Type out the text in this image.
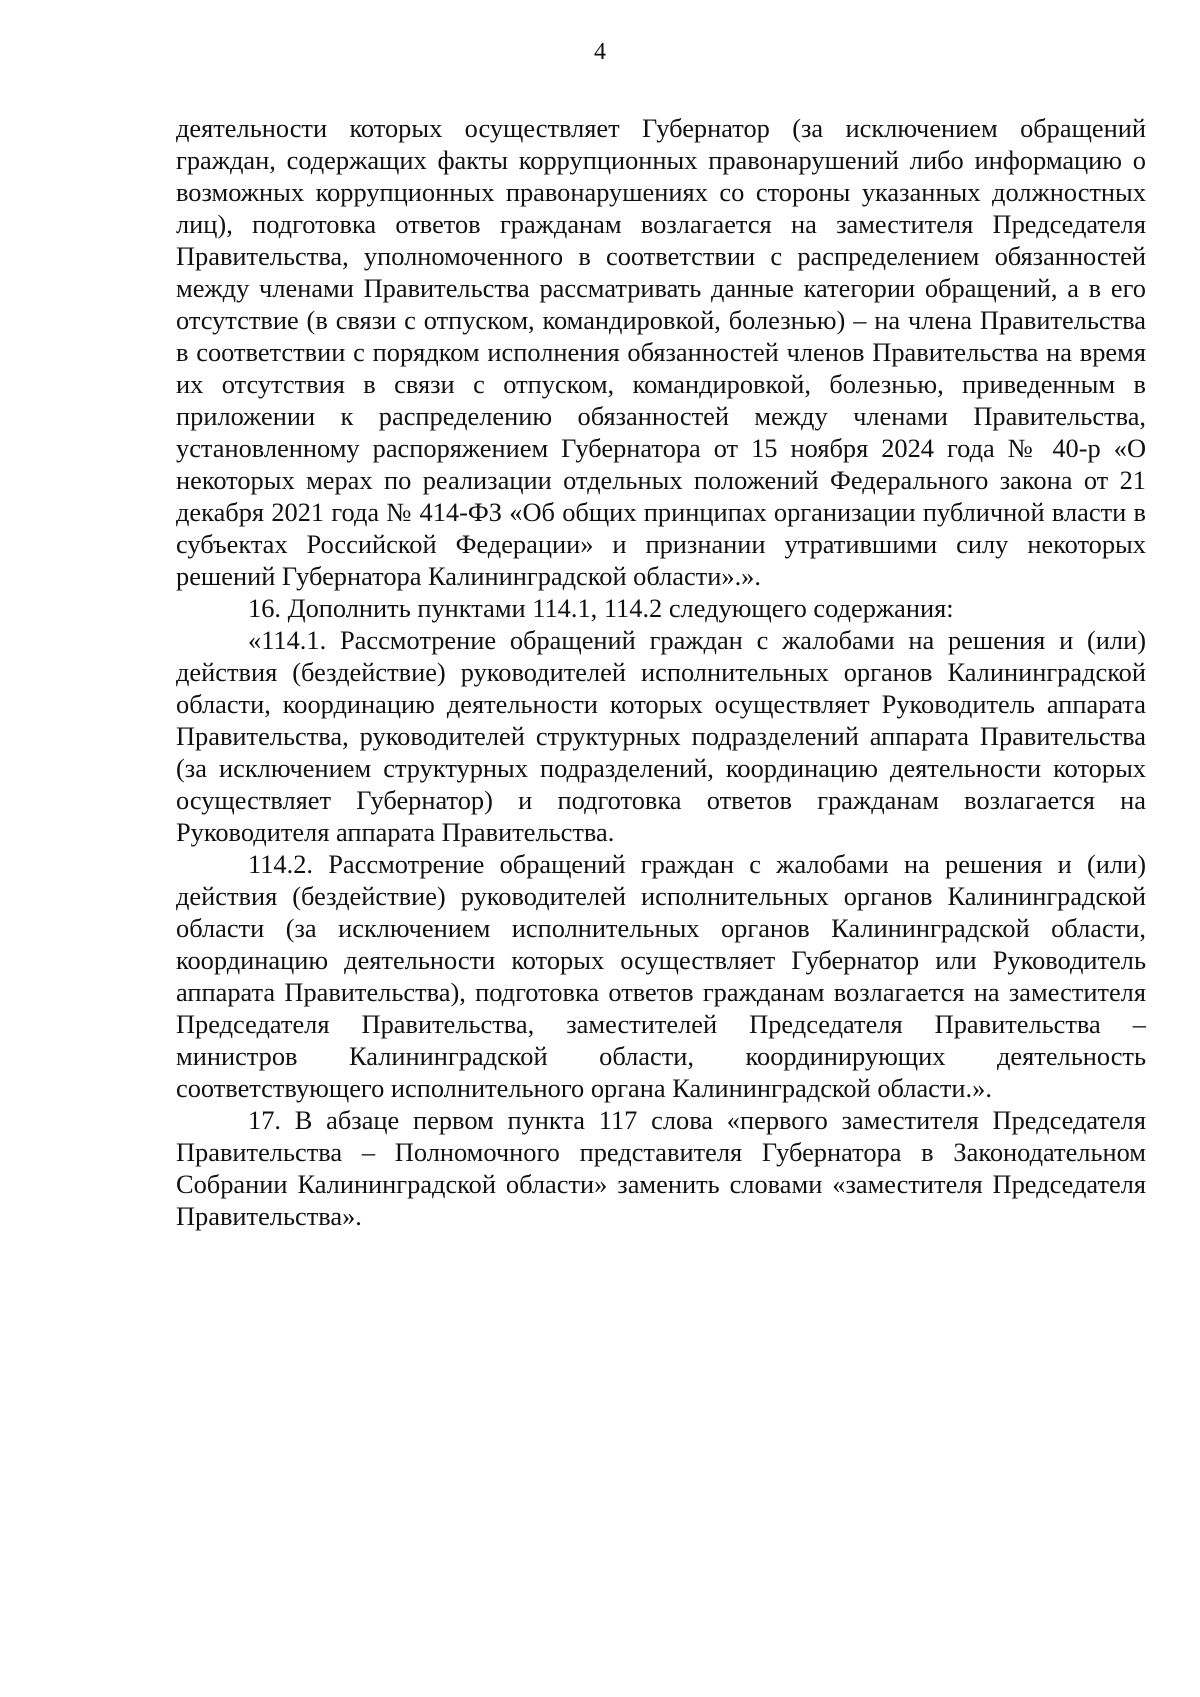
4

деятельности которых осуществляет Губернатор (за исключением обращений граждан, содержащих факты коррупционных правонарушений либо информацию о возможных коррупционных правонарушениях со стороны указанных должностных лиц), подготовка ответов гражданам возлагается на заместителя Председателя Правительства, уполномоченного в соответствии с распределением обязанностей между членами Правительства рассматривать данные категории обращений, а в его отсутствие (в связи с отпуском, командировкой, болезнью) – на члена Правительства в соответствии с порядком исполнения обязанностей членов Правительства на время их отсутствия в связи с отпуском, командировкой, болезнью, приведенным в приложении к распределению обязанностей между членами Правительства, установленному распоряжением Губернатора от 15 ноября 2024 года № 40-р «О некоторых мерах по реализации отдельных положений Федерального закона от 21 декабря 2021 года № 414-ФЗ «Об общих принципах организации публичной власти в субъектах Российской Федерации» и признании утратившими силу некоторых решений Губернатора Калининградской области».».

16. Дополнить пунктами 114.1, 114.2 следующего содержания:

«114.1. Рассмотрение обращений граждан с жалобами на решения и (или) действия (бездействие) руководителей исполнительных органов Калининградской области, координацию деятельности которых осуществляет Руководитель аппарата Правительства, руководителей структурных подразделений аппарата Правительства (за исключением структурных подразделений, координацию деятельности которых осуществляет Губернатор) и подготовка ответов гражданам возлагается на Руководителя аппарата Правительства.

114.2. Рассмотрение обращений граждан с жалобами на решения и (или) действия (бездействие) руководителей исполнительных органов Калининградской области (за исключением исполнительных органов Калининградской области, координацию деятельности которых осуществляет Губернатор или Руководитель аппарата Правительства), подготовка ответов гражданам возлагается на заместителя Председателя Правительства, заместителей Председателя Правительства – министров Калининградской области, координирующих деятельность соответствующего исполнительного органа Калининградской области.».

17. В абзаце первом пункта 117 слова «первого заместителя Председателя Правительства – Полномочного представителя Губернатора в Законодательном Собрании Калининградской области» заменить словами «заместителя Председателя Правительства».
